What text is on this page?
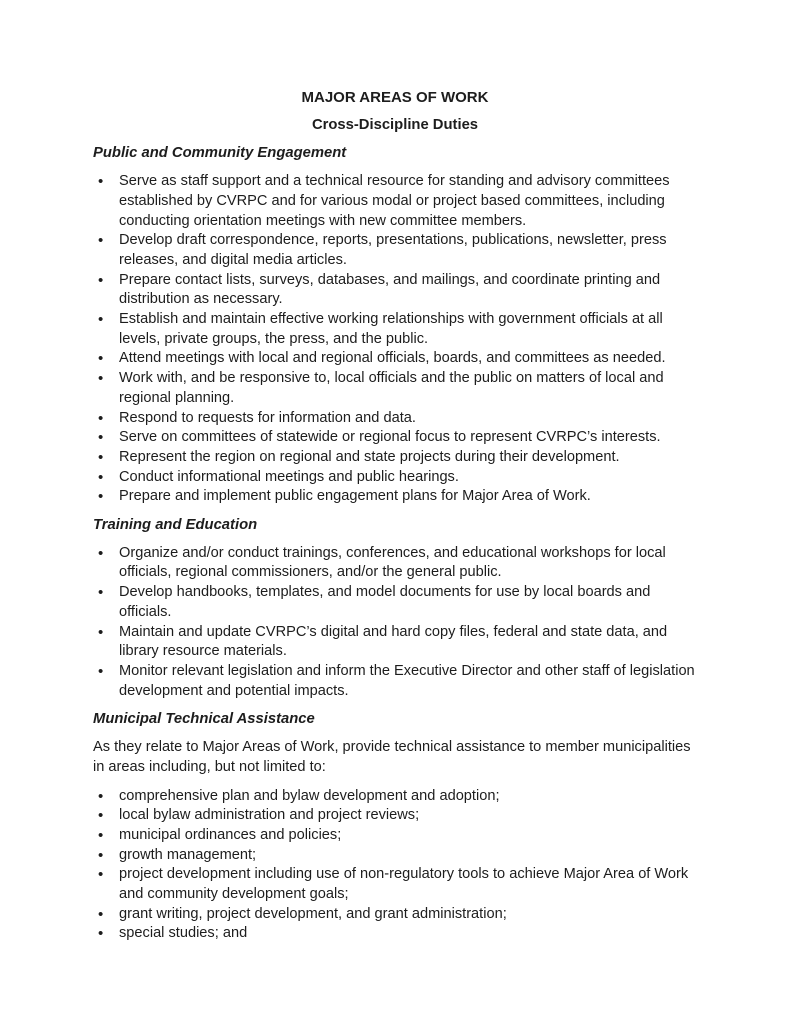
MAJOR AREAS OF WORK
Cross-Discipline Duties
Public and Community Engagement
• Serve as staff support and a technical resource for standing and advisory committees established by CVRPC and for various modal or project based committees, including conducting orientation meetings with new committee members.
• Develop draft correspondence, reports, presentations, publications, newsletter, press releases, and digital media articles.
• Prepare contact lists, surveys, databases, and mailings, and coordinate printing and distribution as necessary.
• Establish and maintain effective working relationships with government officials at all levels, private groups, the press, and the public.
• Attend meetings with local and regional officials, boards, and committees as needed.
• Work with, and be responsive to, local officials and the public on matters of local and regional planning.
• Respond to requests for information and data.
• Serve on committees of statewide or regional focus to represent CVRPC’s interests.
• Represent the region on regional and state projects during their development.
• Conduct informational meetings and public hearings.
• Prepare and implement public engagement plans for Major Area of Work.
Training and Education
• Organize and/or conduct trainings, conferences, and educational workshops for local officials, regional commissioners, and/or the general public.
• Develop handbooks, templates, and model documents for use by local boards and officials.
• Maintain and update CVRPC’s digital and hard copy files, federal and state data, and library resource materials.
• Monitor relevant legislation and inform the Executive Director and other staff of legislation development and potential impacts.
Municipal Technical Assistance

As they relate to Major Areas of Work, provide technical assistance to member municipalities in areas including, but not limited to:

• comprehensive plan and bylaw development and adoption;
• local bylaw administration and project reviews;
• municipal ordinances and policies;
• growth management;
• project development including use of non-regulatory tools to achieve Major Area of Work and community development goals;
• grant writing, project development, and grant administration;
• special studies; and
